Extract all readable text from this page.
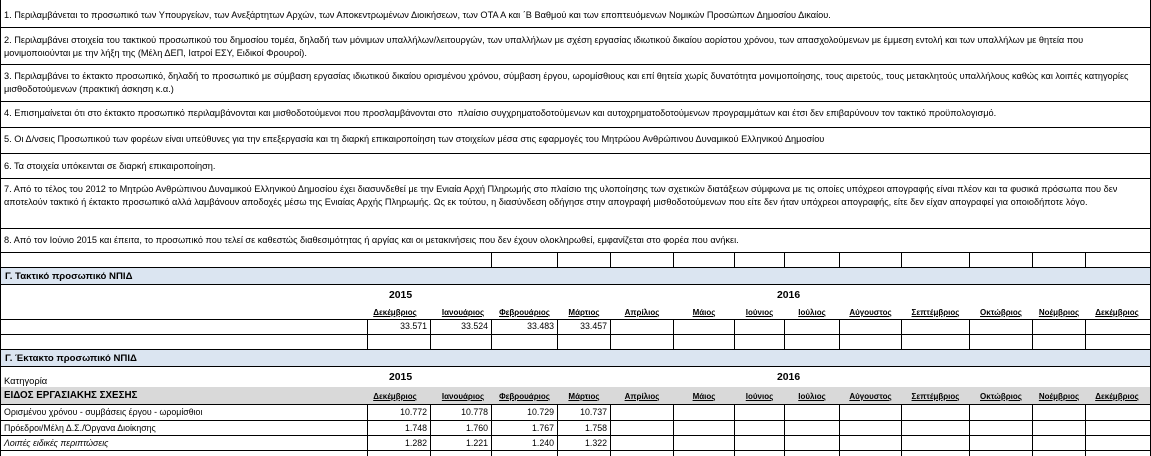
1. Περιλαμβάνεται το προσωπικό των Υπουργείων, των Ανεξάρτητων Αρχών, των Αποκεντρωμένων Διοικήσεων, των ΟΤΑ Α και ΄Β Βαθμού και των εποπτευόμενων Νομικών Προσώπων Δημοσίου Δικαίου.
2. Περιλαμβάνει στοιχεία του τακτικού προσωπικού του δημοσίου τομέα, δηλαδή των μόνιμων υπαλλήλων/λειτουργών, των υπαλλήλων με σχέση εργασίας ιδιωτικού δικαίου αορίστου χρόνου, των απασχολούμενων με έμμεση εντολή και των υπαλλήλων με θητεία που μονιμοποιούνται με την λήξη της (Μέλη ΔΕΠ, Ιατροί ΕΣΥ, Ειδικοί Φρουροί).
3. Περιλαμβάνει το έκτακτο προσωπικό, δηλαδή το προσωπικό με σύμβαση εργασίας ιδιωτικού δικαίου ορισμένου χρόνου, σύμβαση έργου, ωρομίσθιους και επί θητεία χωρίς δυνατότητα μονιμοποίησης, τους αιρετούς, τους μετακλητούς υπαλλήλους καθώς και λοιπές κατηγορίες μισθοδοτούμενων (πρακτική άσκηση κ.α.)
4. Επισημαίνεται ότι στο έκτακτο προσωπικό περιλαμβάνονται και μισθοδοτούμενοι που προσλαμβάνονται στο  πλαίσιο συγχρηματοδοτούμενων και αυτοχρηματοδοτούμενων προγραμμάτων και έτσι δεν επιβαρύνουν τον τακτικό προϋπολογισμό.
5. Οι Δ/νσεις Προσωπικού των φορέων είναι υπεύθυνες για την επεξεργασία και τη διαρκή επικαιροποίηση των στοιχείων μέσα στις εφαρμογές του Μητρώου Ανθρώπινου Δυναμικού Ελληνικού Δημοσίου
6. Τα στοιχεία υπόκεινται σε διαρκή επικαιροποίηση.
7. Από το τέλος του 2012 το Μητρώο Ανθρώπινου Δυναμικού Ελληνικού Δημοσίου έχει διασυνδεθεί με την Ενιαία Αρχή Πληρωμής στο πλαίσιο της υλοποίησης των σχετικών διατάξεων σύμφωνα με τις οποίες υπόχρεοι απογραφής είναι πλέον και τα φυσικά πρόσωπα που δεν αποτελούν τακτικό ή έκτακτο προσωπικό αλλά λαμβάνουν αποδοχές μέσω της Ενιαίας Αρχής Πληρωμής. Ως εκ τούτου, η διασύνδεση οδήγησε στην απογραφή μισθοδοτούμενων που είτε δεν ήταν υπόχρεοι απογραφής, είτε δεν είχαν απογραφεί για οποιοδήποτε λόγο.
8. Από τον Ιούνιο 2015 και έπειτα, το προσωπικό που τελεί σε καθεστώς διαθεσιμότητας ή αργίας και οι μετακινήσεις που δεν έχουν ολοκληρωθεί, εμφανίζεται στο φορέα που ανήκει.
Γ. Τακτικό προσωπικό ΝΠΙΔ
2015	2016
Δεκέμβριος	Ιανουάριος	Φεβρουάριος	Μάρτιος	Απρίλιος	Μάιος	Ιούνιος	Ιούλιος	Αύγουστος	Σεπτέμβριος	Οκτώβριος	Νοέμβριος	Δεκέμβριος
33.571	33.524	33.483	33.457
Γ. Έκτακτο προσωπικό ΝΠΙΔ
Κατηγορία	2015	2016
ΕΙΔΟΣ ΕΡΓΑΣΙΑΚΗΣ ΣΧΕΣΗΣ	Δεκέμβριος	Ιανουάριος	Φεβρουάριος	Μάρτιος	Απρίλιος	Μάιος	Ιούνιος	Ιούλιος	Αύγουστος	Σεπτέμβριος	Οκτώβριος	Νοέμβριος	Δεκέμβριος
Ορισμένου χρόνου - συμβάσεις έργου - ωρομίσθιοι	10.772	10.778	10.729	10.737
Πρόεδροι/Μέλη Δ.Σ./Όργανα Διοίκησης	1.748	1.760	1.767	1.758
Λοιπές ειδικές περιπτώσεις	1.282	1.221	1.240	1.322
